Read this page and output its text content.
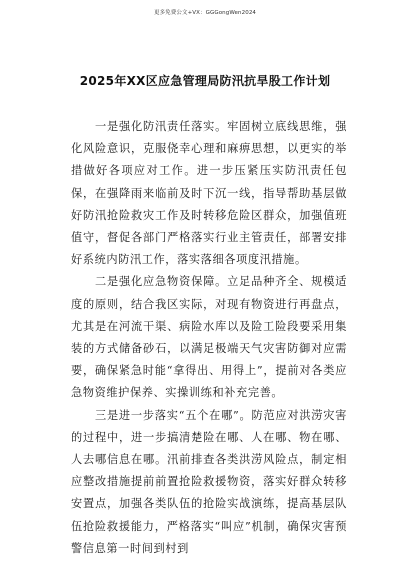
更多免费公文+VX：GGGongWen2024
2025年XX区应急管理局防汛抗旱股工作计划

一是强化防汛责任落实。牢固树立底线思维，强化风险意识，克服侥幸心理和麻痹思想，以更实的举措做好各项应对工作。进一步压紧压实防汛责任包保，在强降雨来临前及时下沉一线，指导帮助基层做好防汛抢险救灾工作及时转移危险区群众，加强值班值守，督促各部门严格落实行业主管责任，部署安排好系统内防汛工作，落实落细各项度汛措施。

二是强化应急物资保障。立足品种齐全、规模适度的原则，结合我区实际，对现有物资进行再盘点，尤其是在河流干渠、病险水库以及险工险段要采用集装的方式储备砂石，以满足极端天气灾害防御对应需要，确保紧急时能“拿得出、用得上”，提前对各类应急物资维护保养、实操训练和补充完善。

三是进一步落实“五个在哪”。防范应对洪涝灾害的过程中，进一步搞清楚险在哪、人在哪、物在哪、人去哪信息在哪。汛前排查各类洪涝风险点，制定相应整改措施提前前置抢险救援物资，落实好群众转移安置点，加强各类队伍的抢险实战演练，提高基层队伍抢险救援能力，严格落实“叫应”机制，确保灾害预警信息第一时间到村到
